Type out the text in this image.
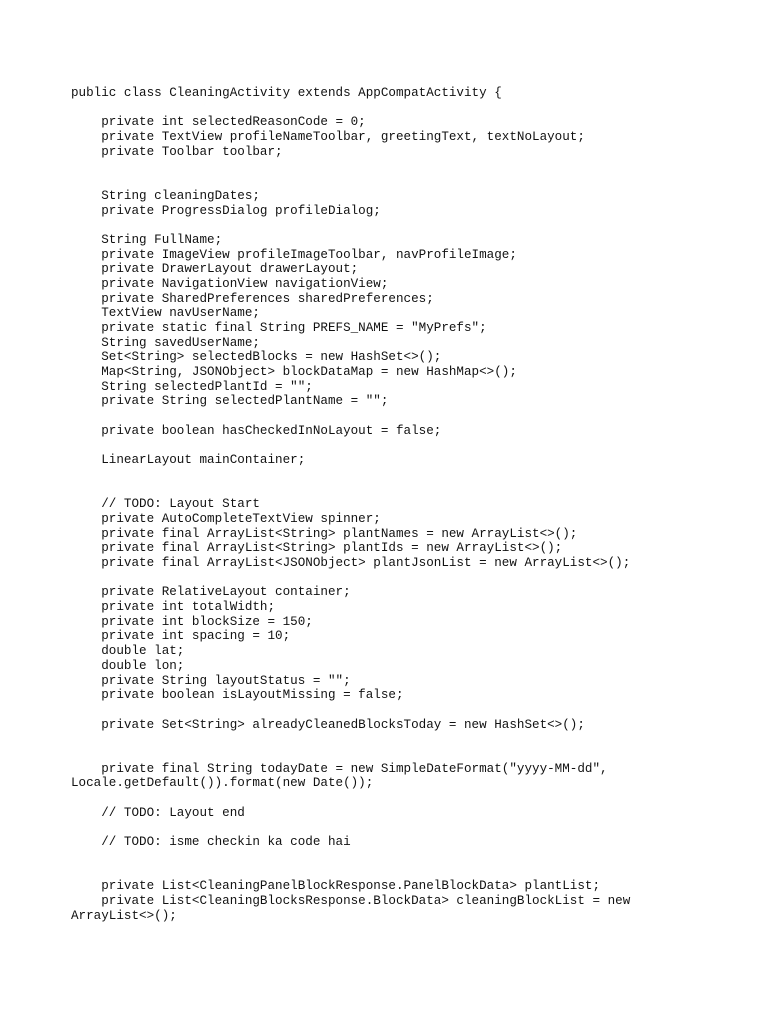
public class CleaningActivity extends AppCompatActivity {
private int selectedReasonCode = 0;
private TextView profileNameToolbar, greetingText, textNoLayout;
private Toolbar toolbar;
String cleaningDates;
private ProgressDialog profileDialog;
String FullName;
private ImageView profileImageToolbar, navProfileImage;
private DrawerLayout drawerLayout;
private NavigationView navigationView;
private SharedPreferences sharedPreferences;
TextView navUserName;
private static final String PREFS_NAME = "MyPrefs";
String savedUserName;
Set<String> selectedBlocks = new HashSet<>();
Map<String, JSONObject> blockDataMap = new HashMap<>();
String selectedPlantId = "";
private String selectedPlantName = "";
private boolean hasCheckedInNoLayout = false;
LinearLayout mainContainer;
// TODO: Layout Start
private AutoCompleteTextView spinner;
private final ArrayList<String> plantNames = new ArrayList<>();
private final ArrayList<String> plantIds = new ArrayList<>();
private final ArrayList<JSONObject> plantJsonList = new ArrayList<>();
private RelativeLayout container;
private int totalWidth;
private int blockSize = 150;
private int spacing = 10;
double lat;
double lon;
private String layoutStatus = "";
private boolean isLayoutMissing = false;
private Set<String> alreadyCleanedBlocksToday = new HashSet<>();
private final String todayDate = new SimpleDateFormat("yyyy-MM-dd",
Locale.getDefault()).format(new Date());
// TODO: Layout end
// TODO: isme checkin ka code hai
private List<CleaningPanelBlockResponse.PanelBlockData> plantList;
private List<CleaningBlocksResponse.BlockData> cleaningBlockList = new
ArrayList<>();
